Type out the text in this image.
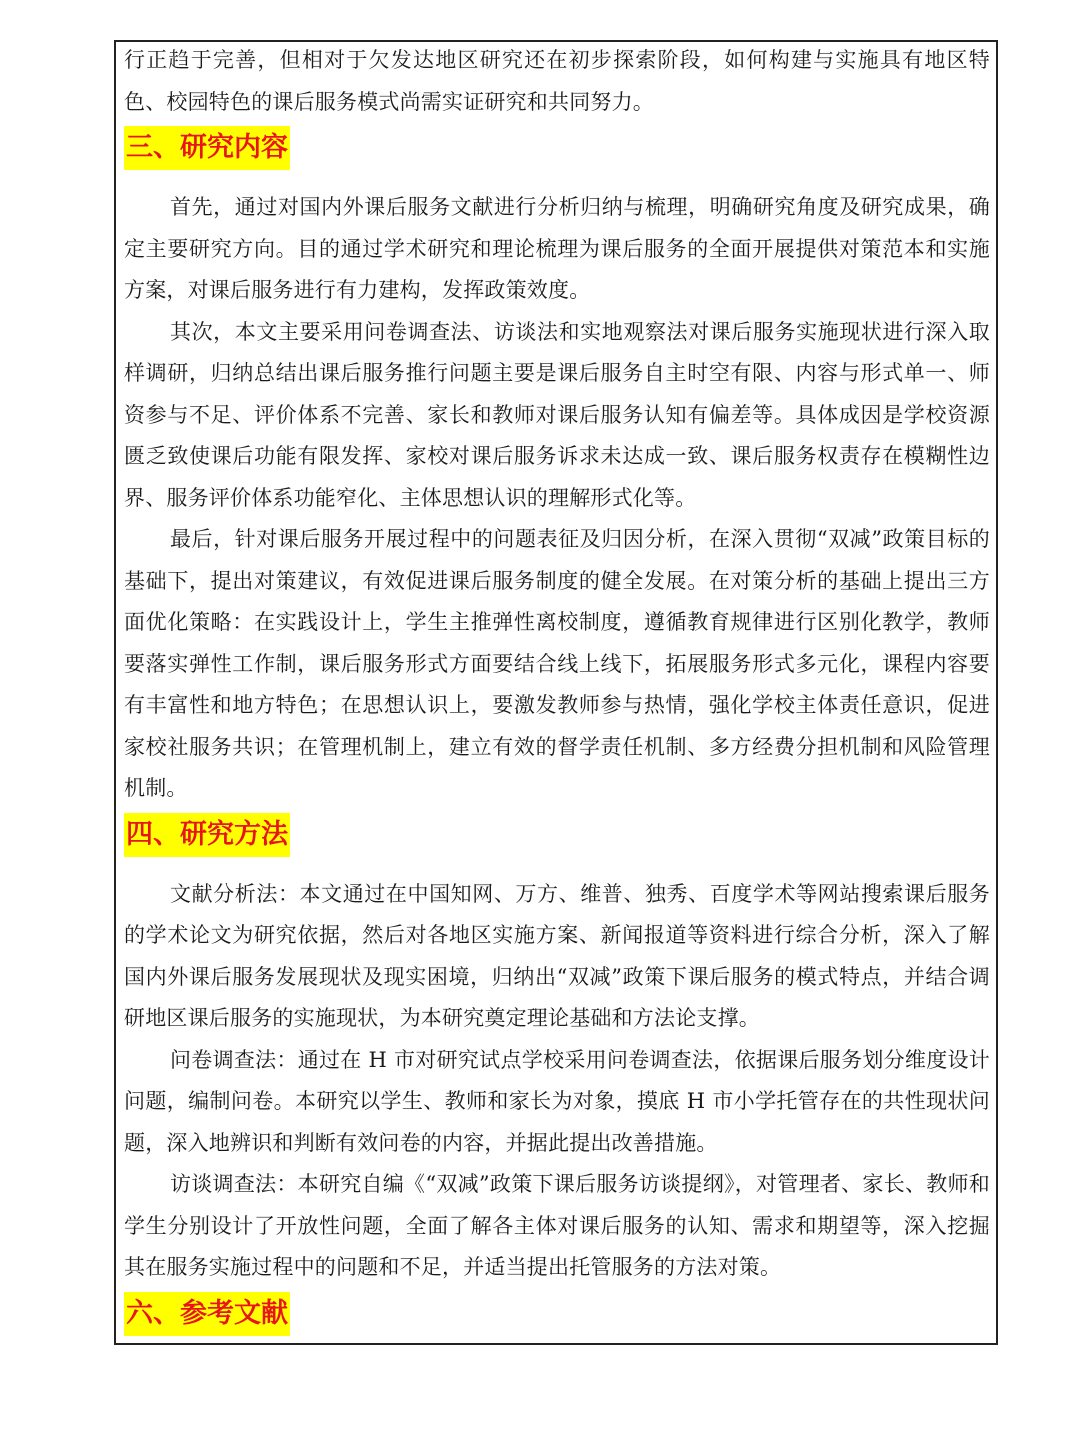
行正趋于完善，但相对于欠发达地区研究还在初步探索阶段，如何构建与实施具有地区特色、校园特色的课后服务模式尚需实证研究和共同努力。

三、研究内容

首先，通过对国内外课后服务文献进行分析归纳与梳理，明确研究角度及研究成果，确定主要研究方向。目的通过学术研究和理论梳理为课后服务的全面开展提供对策范本和实施方案，对课后服务进行有力建构，发挥政策效度。

其次，本文主要采用问卷调查法、访谈法和实地观察法对课后服务实施现状进行深入取样调研，归纳总结出课后服务推行问题主要是课后服务自主时空有限、内容与形式单一、师资参与不足、评价体系不完善、家长和教师对课后服务认知有偏差等。具体成因是学校资源匮乏致使课后功能有限发挥、家校对课后服务诉求未达成一致、课后服务权责存在模糊性边界、服务评价体系功能窄化、主体思想认识的理解形式化等。

最后，针对课后服务开展过程中的问题表征及归因分析，在深入贯彻“双减”政策目标的基础下，提出对策建议，有效促进课后服务制度的健全发展。在对策分析的基础上提出三方面优化策略：在实践设计上，学生主推弹性离校制度，遵循教育规律进行区别化教学，教师要落实弹性工作制，课后服务形式方面要结合线上线下，拓展服务形式多元化，课程内容要有丰富性和地方特色；在思想认识上，要激发教师参与热情，强化学校主体责任意识，促进家校社服务共识；在管理机制上，建立有效的督学责任机制、多方经费分担机制和风险管理机制。

四、研究方法

文献分析法：本文通过在中国知网、万方、维普、独秀、百度学术等网站搜索课后服务的学术论文为研究依据，然后对各地区实施方案、新闻报道等资料进行综合分析，深入了解国内外课后服务发展现状及现实困境，归纳出“双减”政策下课后服务的模式特点，并结合调研地区课后服务的实施现状，为本研究奠定理论基础和方法论支撑。

问卷调查法：通过在 H 市对研究试点学校采用问卷调查法，依据课后服务划分维度设计问题，编制问卷。本研究以学生、教师和家长为对象，摸底 H 市小学托管存在的共性现状问题，深入地辨识和判断有效问卷的内容，并据此提出改善措施。

访谈调查法：本研究自编《“双减”政策下课后服务访谈提纲》，对管理者、家长、教师和学生分别设计了开放性问题，全面了解各主体对课后服务的认知、需求和期望等，深入挖掘其在服务实施过程中的问题和不足，并适当提出托管服务的方法对策。

六、参考文献
